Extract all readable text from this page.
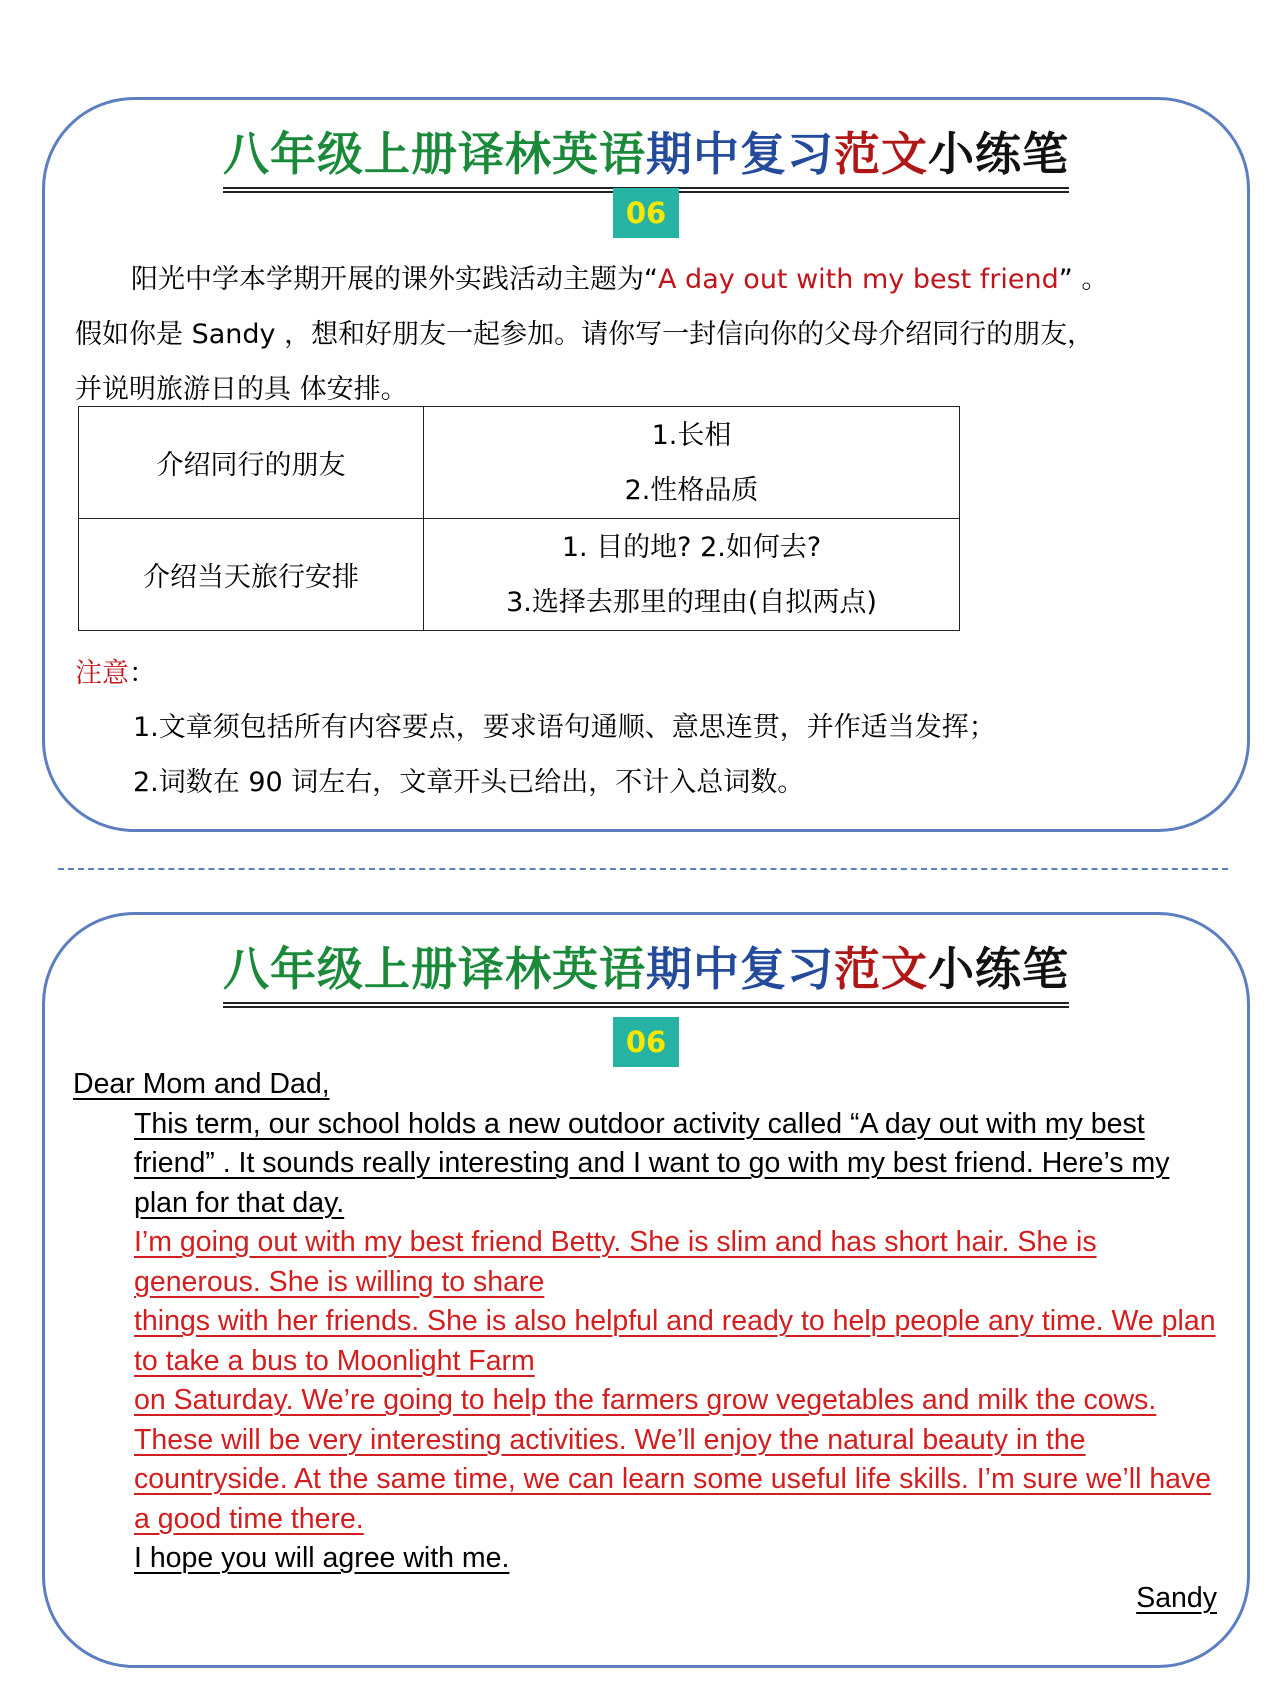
八年级上册译林英语期中复习范文小练笔
06

阳光中学本学期开展的课外实践活动主题为“A day out with my best friend” 。
假如你是 Sandy ，想和好朋友一起参加。请你写一封信向你的父母介绍同行的朋友，
并说明旅游日的具 体安排。

介绍同行的朋友	1.长相
2.性格品质

介绍当天旅行安排	1. 目的地? 2.如何去?
3.选择去那里的理由(自拟两点)
注意：
1.文章须包括所有内容要点，要求语句通顺、意思连贯，并作适当发挥；
2.词数在 90 词左右，文章开头已给出，不计入总词数。
八年级上册译林英语期中复习范文小练笔
06

Dear Mom and Dad,

This term, our school holds a new outdoor activity called “A day out with my best friend” . It sounds really interesting and I want to go with my best friend. Here’s my plan for that day.

I’m going out with my best friend Betty. She is slim and has short hair. She is generous. She is willing to share

things with her friends. She is also helpful and ready to help people any time. We plan to take a bus to Moonlight Farm

on Saturday. We’re going to help the farmers grow vegetables and milk the cows. These will be very interesting activities. We’ll enjoy the natural beauty in the countryside. At the same time, we can learn some useful life skills. I’m sure we’ll have a good time there.

I hope you will agree with me.

Sandy
